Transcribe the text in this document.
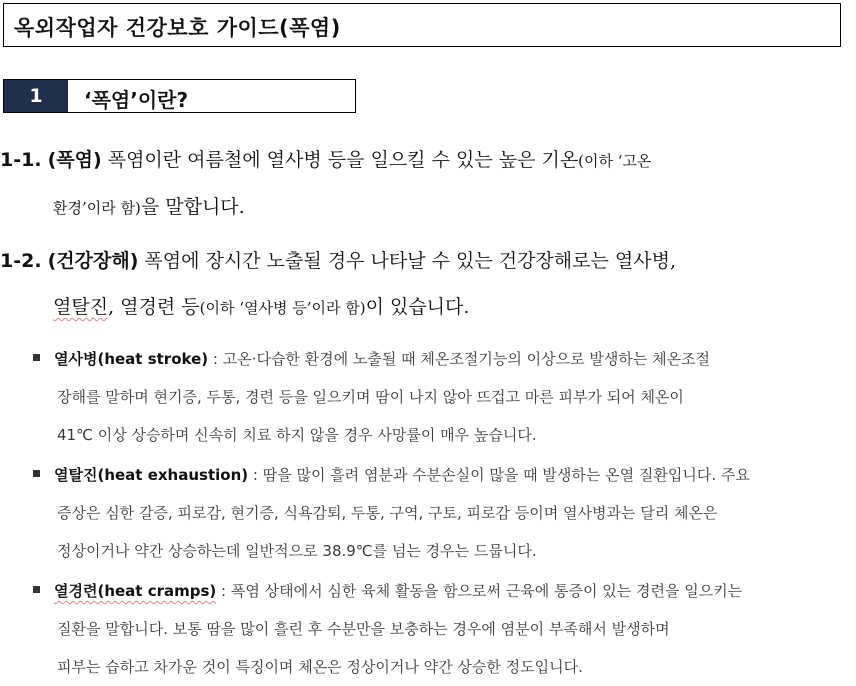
옥외작업자 건강보호 가이드(폭염)
1	‘폭염’이란?
1-1. (폭염) 폭염이란 여름철에 열사병 등을 일으킬 수 있는 높은 기온(이하 ‘고온
환경’이라 함)을 말합니다.
1-2. (건강장해) 폭염에 장시간 노출될 경우 나타날 수 있는 건강장해로는 열사병,
열탈진, 열경련 등(이하 ‘열사병 등’이라 함)이 있습니다.
열사병(heat stroke) : 고온·다습한 환경에 노출될 때 체온조절기능의 이상으로 발생하는 체온조절
장해를 말하며 현기증, 두통, 경련 등을 일으키며 땀이 나지 않아 뜨겁고 마른 피부가 되어 체온이
41℃ 이상 상승하며 신속히 치료 하지 않을 경우 사망률이 매우 높습니다.
열탈진(heat exhaustion) : 땀을 많이 흘려 염분과 수분손실이 많을 때 발생하는 온열 질환입니다. 주요
증상은 심한 갈증, 피로감, 현기증, 식욕감퇴, 두통, 구역, 구토, 피로감 등이며 열사병과는 달리 체온은
정상이거나 약간 상승하는데 일반적으로 38.9℃를 넘는 경우는 드뭅니다.
열경련(heat cramps) : 폭염 상태에서 심한 육체 활동을 함으로써 근육에 통증이 있는 경련을 일으키는
질환을 말합니다. 보통 땀을 많이 흘린 후 수분만을 보충하는 경우에 염분이 부족해서 발생하며
피부는 습하고 차가운 것이 특징이며 체온은 정상이거나 약간 상승한 정도입니다.
